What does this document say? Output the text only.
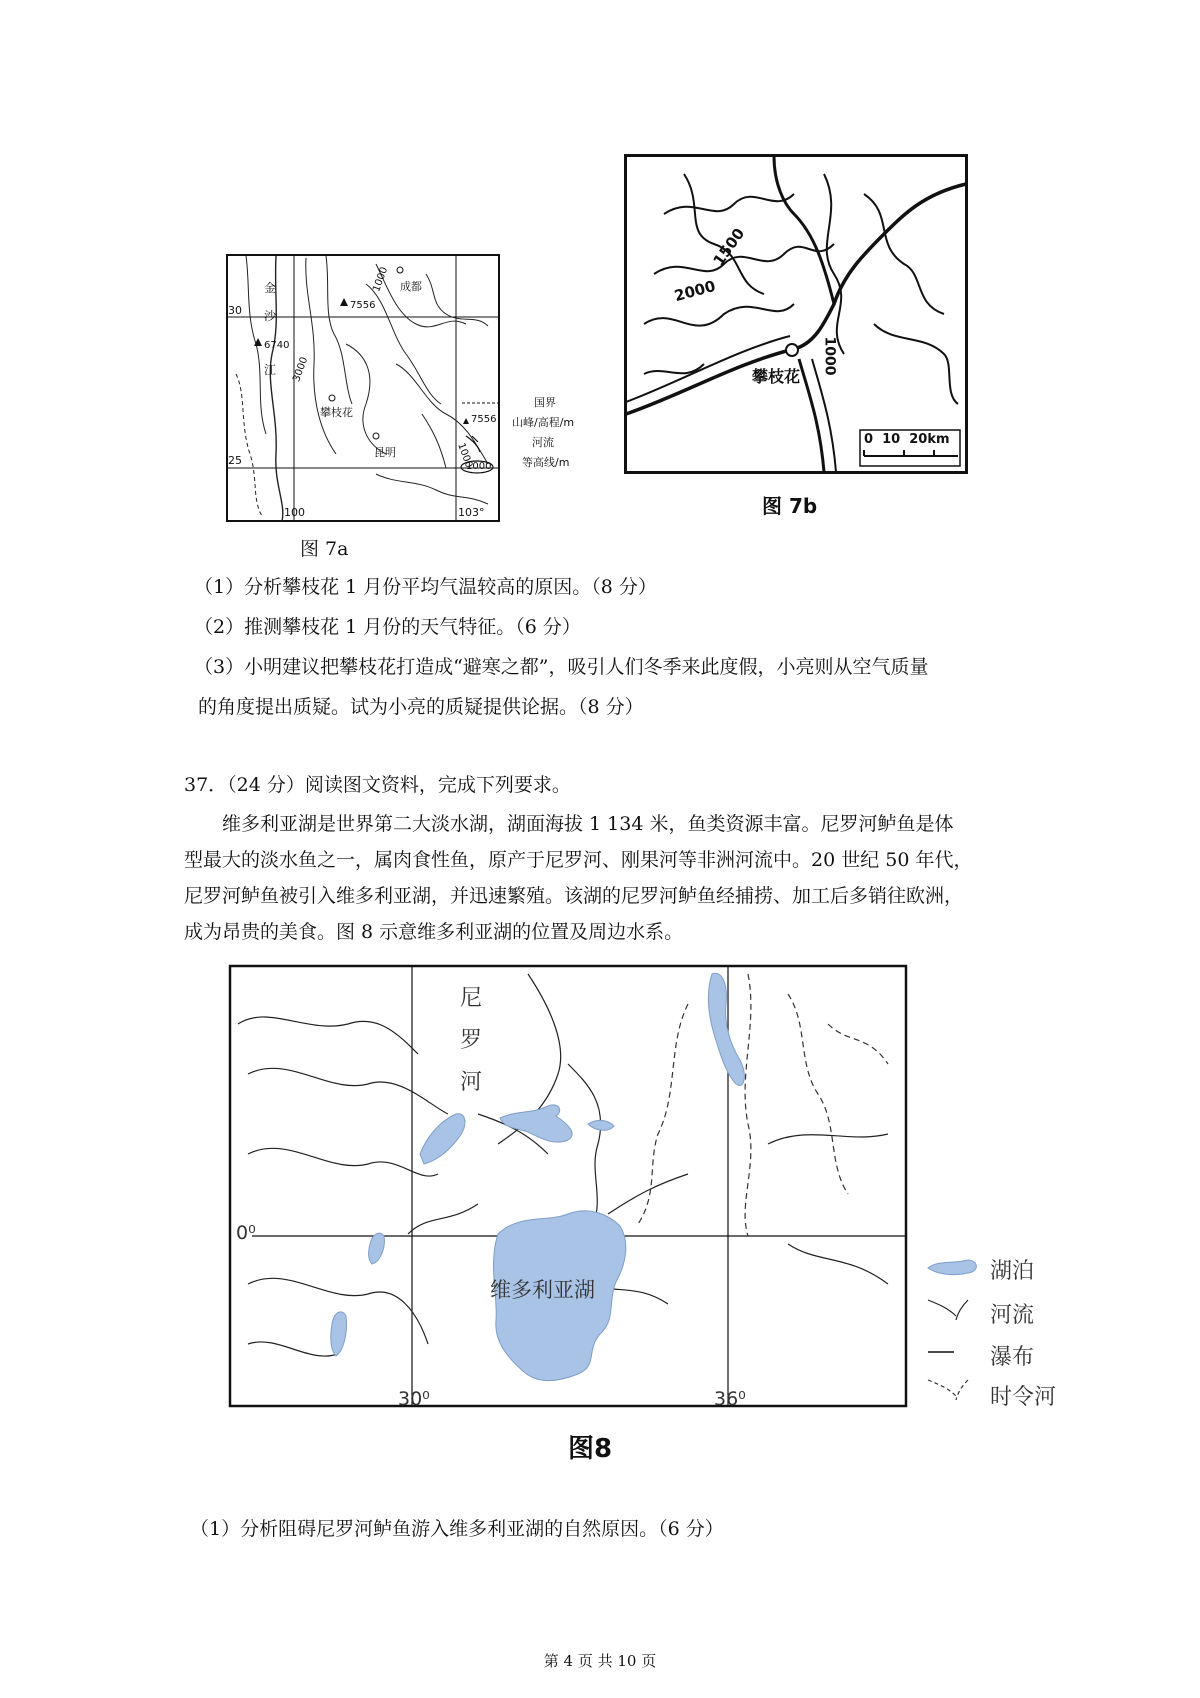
金
沙
江
30
25
100	103°
7556
6740
1000
3000
1000
成都
攀枝花
昆明
国界
7556 山峰/高程/m
河流
1000	等高线/m
图 7a
1500
2000
1000
攀枝花
0  10  20km
图 7b
（1）分析攀枝花 1 月份平均气温较高的原因。（8 分）
（2）推测攀枝花 1 月份的天气特征。（6 分）
（3）小明建议把攀枝花打造成“避寒之都”，吸引人们冬季来此度假，小亮则从空气质量
的角度提出质疑。试为小亮的质疑提供论据。（8 分）
37．（24 分）阅读图文资料，完成下列要求。
维多利亚湖是世界第二大淡水湖，湖面海拔 1 134 米，鱼类资源丰富。尼罗河鲈鱼是体
型最大的淡水鱼之一，属肉食性鱼，原产于尼罗河、刚果河等非洲河流中。20 世纪 50 年代，
尼罗河鲈鱼被引入维多利亚湖，并迅速繁殖。该湖的尼罗河鲈鱼经捕捞、加工后多销往欧洲，
成为昂贵的美食。图 8 示意维多利亚湖的位置及周边水系。
尼
罗
河
维多利亚湖
0⁰
30⁰	36⁰
湖泊
河流
瀑布
时令河
图8
（1）分析阻碍尼罗河鲈鱼游入维多利亚湖的自然原因。（6 分）
第 4 页 共 10 页
